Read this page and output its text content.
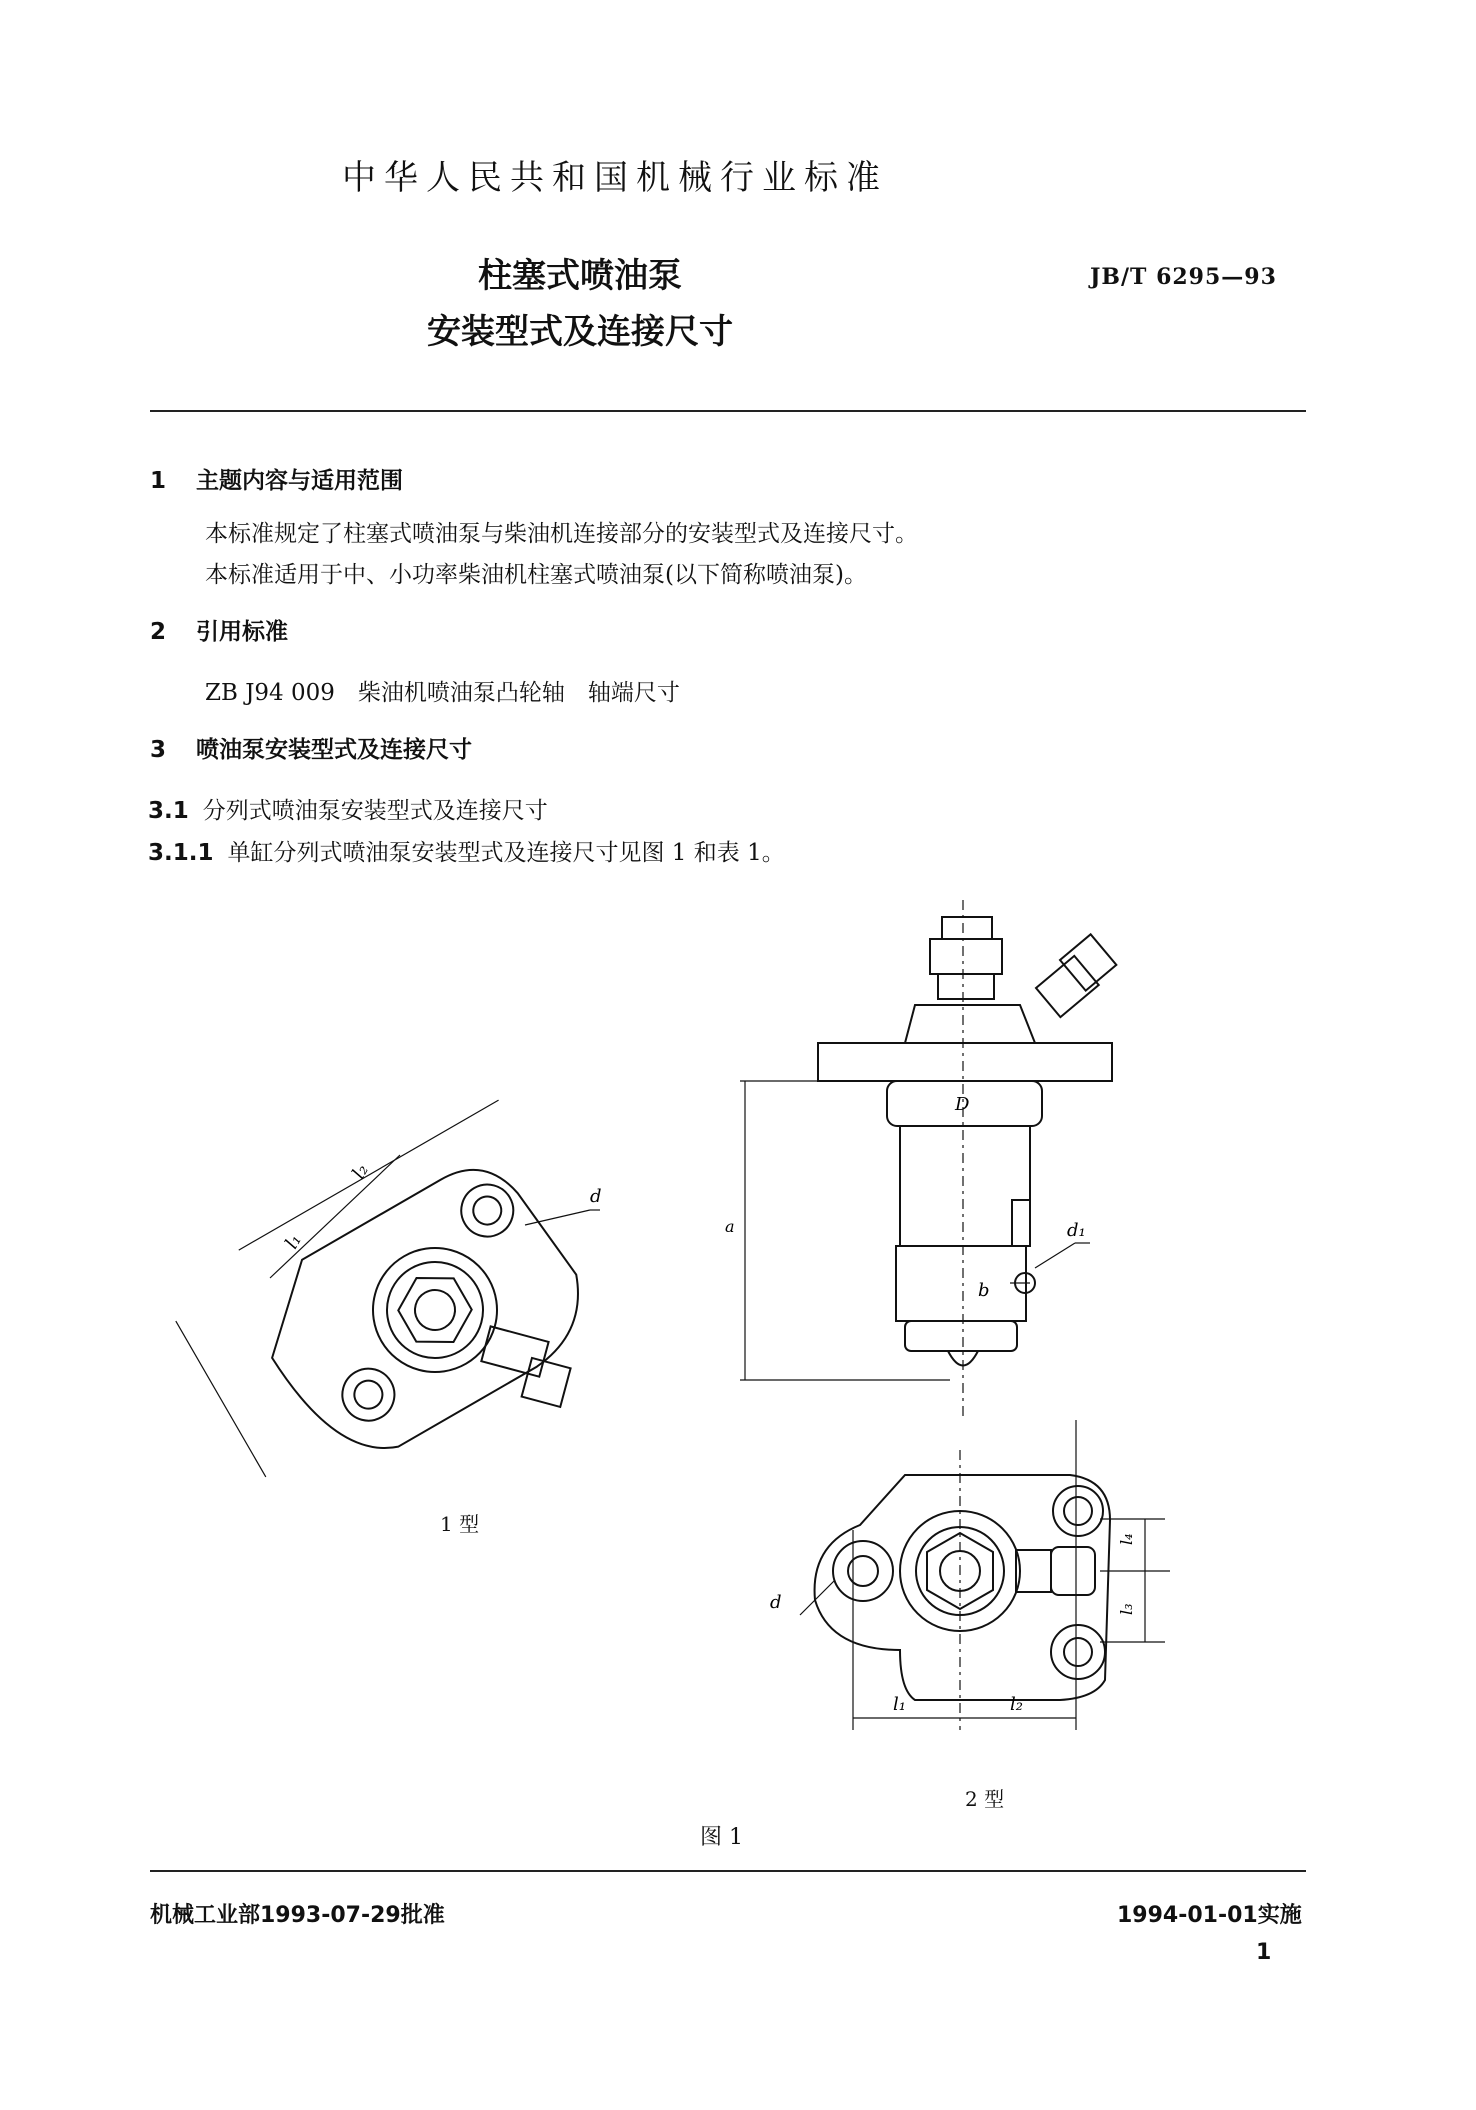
中华人民共和国机械行业标准
柱塞式喷油泵
安装型式及连接尺寸
JB/T 6295—93
1 主题内容与适用范围
本标准规定了柱塞式喷油泵与柴油机连接部分的安装型式及连接尺寸。
本标准适用于中、小功率柴油机柱塞式喷油泵(以下简称喷油泵)。
2 引用标准
ZB J94 009　柴油机喷油泵凸轮轴　轴端尺寸
3 喷油泵安装型式及连接尺寸
3.1 分列式喷油泵安装型式及连接尺寸
3.1.1 单缸分列式喷油泵安装型式及连接尺寸见图 1 和表 1。
l₁
l₂
d
D
a
b
d₁
l₄
l₃
d
l₁	l₂
1 型
2 型
图 1
机械工业部1993-07-29批准	1994-01-01实施
1
